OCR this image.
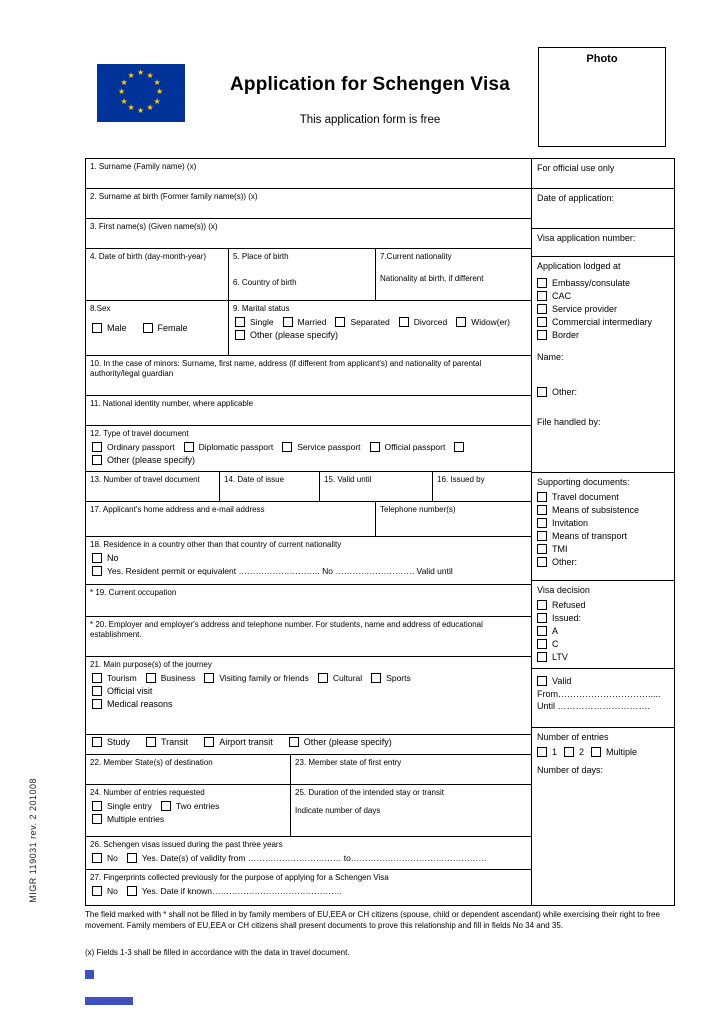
★ ★
★
★
★
★
★
★
★
★
★
★	Application for Schengen Visa
This application form is free
Photo
MIGR 119031 rev. 2 201008
1. Surname (Family name) (x)
2. Surname at birth (Former family name(s)) (x)
3. First name(s) (Given name(s)) (x)
4. Date of birth (day-month-year)	5. Place of birth
6. Country of birth
7.Current nationality
Nationality at birth, if different
8.Sex
Male	Female
9. Marital status
Single	Married	Separated	Divorced	Widow(er)
Other (please specify)
10. In the case of minors: Surname, first name, address (if different from applicant's) and nationality of parental authority/legal guardian
11. National identity number, where applicable
12. Type of travel document
Ordinary passport	Diplomatic passport	Service passport	Official passport
Other (please specify)
13. Number of travel document	14. Date of issue	15. Valid until	16. Issued by
17. Applicant's home address and e-mail address	Telephone number(s)
18. Residence in a country other than that country of current nationality
No
Yes. Resident permit or equivalent ……………………….. No ………………………. Valid until
* 19. Current occupation
* 20. Employer and employer's address and telephone number. For students, name and address of educational establishment.
21. Main purpose(s) of the journey
Tourism	Business	Visiting family or friends	Cultural	Sports
Official visit
Medical reasons
Study	Transit	Airport transit	Other (please specify)
22. Member State(s) of destination	23. Member state of first entry
24. Number of entries requested
Single entry	Two entries
Multiple entries
25. Duration of the intended stay or transit
Indicate number of days
26. Schengen visas issued during the past three years
No	Yes. Date(s) of validity from …………………………… to…………………………………………
27. Fingerprints collected previously for the purpose of applying for a Schengen Visa
No	Yes. Date if known……………………………………….
For official use only
Date of application:
Visa application number:
Application lodged at
Embassy/consulate
CAC
Service provider
Commercial intermediary
Border
Name:
Other:
File handled by:
Supporting documents:
Travel document
Means of subsistence
Invitation
Means of transport
TMI
Other:
Visa decision
Refused
Issued:
A
C
LTV
Valid
From………………………….....
Until ………………………….
Number of entries
1 2 Multiple
Number of days:
The field marked with * shall not be filled in by family members of EU,EEA or CH citizens (spouse, child or dependent ascendant) while exercising their right to free movement. Family members of EU,EEA or CH citizens shall present documents to prove this relationship and fill in fields No 34 and 35.
(x) Fields 1-3 shall be filled in accordance with the data in travel document.
